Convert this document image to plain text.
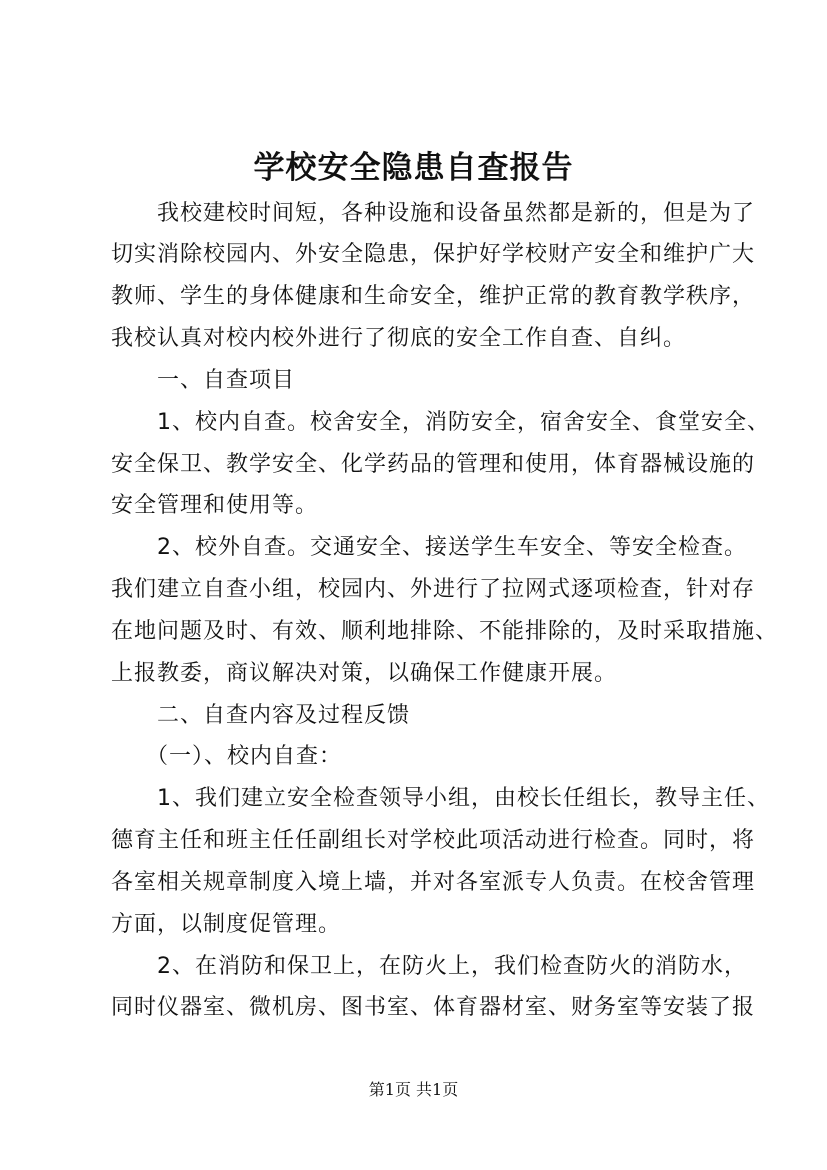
学校安全隐患自查报告

　　我校建校时间短，各种设施和设备虽然都是新的，但是为了

切实消除校园内、外安全隐患，保护好学校财产安全和维护广大

教师、学生的身体健康和生命安全，维护正常的教育教学秩序，

我校认真对校内校外进行了彻底的安全工作自查、自纠。

　　一、自查项目

　　1、校内自查。校舍安全，消防安全，宿舍安全、食堂安全、

安全保卫、教学安全、化学药品的管理和使用，体育器械设施的

安全管理和使用等。

　　2、校外自查。交通安全、接送学生车安全、等安全检查。

我们建立自查小组，校园内、外进行了拉网式逐项检查，针对存

在地问题及时、有效、顺利地排除、不能排除的，及时采取措施、

上报教委，商议解决对策，以确保工作健康开展。

　　二、自查内容及过程反馈

　　（一）、校内自查：

　　1、我们建立安全检查领导小组，由校长任组长，教导主任、

德育主任和班主任任副组长对学校此项活动进行检查。同时，将

各室相关规章制度入境上墙，并对各室派专人负责。在校舍管理

方面，以制度促管理。

　　2、在消防和保卫上，在防火上，我们检查防火的消防水，

同时仪器室、微机房、图书室、体育器材室、财务室等安装了报

第1页 共1页
